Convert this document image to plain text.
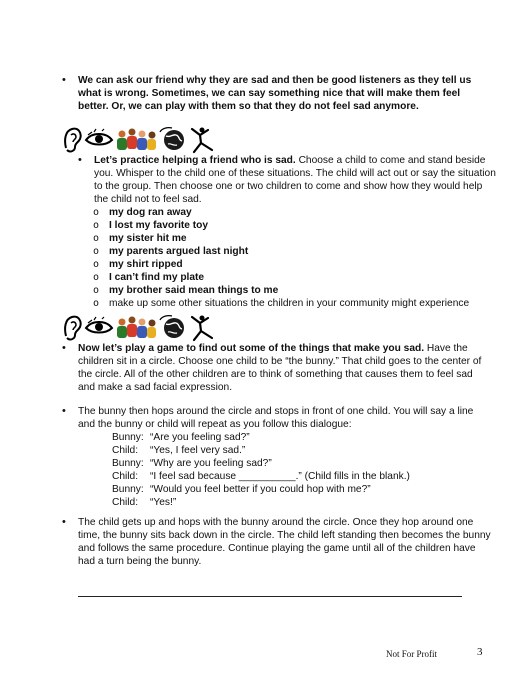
• We can ask our friend why they are sad and then be good listeners as they tell us what is wrong. Sometimes, we can say something nice that will make them feel better. Or, we can play with them so that they do not feel sad anymore.
• Let’s practice helping a friend who is sad. Choose a child to come and stand beside you. Whisper to the child one of these situations. The child will act out or say the situation to the group. Then choose one or two children to come and show how they would help the child not to feel sad.
o my dog ran away
o I lost my favorite toy
o my sister hit me
o my parents argued last night
o my shirt ripped
o I can’t find my plate
o my brother said mean things to me
o make up some other situations the children in your community might experience
• Now let’s play a game to find out some of the things that make you sad. Have the children sit in a circle. Choose one child to be “the bunny.” That child goes to the center of the circle. All of the other children are to think of something that causes them to feel sad and make a sad facial expression.
• The bunny then hops around the circle and stops in front of one child. You will say a line and the bunny or child will repeat as you follow this dialogue:
Bunny: “Are you feeling sad?”
Child: “Yes, I feel very sad.”
Bunny: “Why are you feeling sad?”
Child: “I feel sad because __________.” (Child fills in the blank.)
Bunny: “Would you feel better if you could hop with me?”
Child: “Yes!”
• The child gets up and hops with the bunny around the circle. Once they hop around one time, the bunny sits back down in the circle. The child left standing then becomes the bunny and follows the same procedure. Continue playing the game until all of the children have had a turn being the bunny.
Not For Profit	3
